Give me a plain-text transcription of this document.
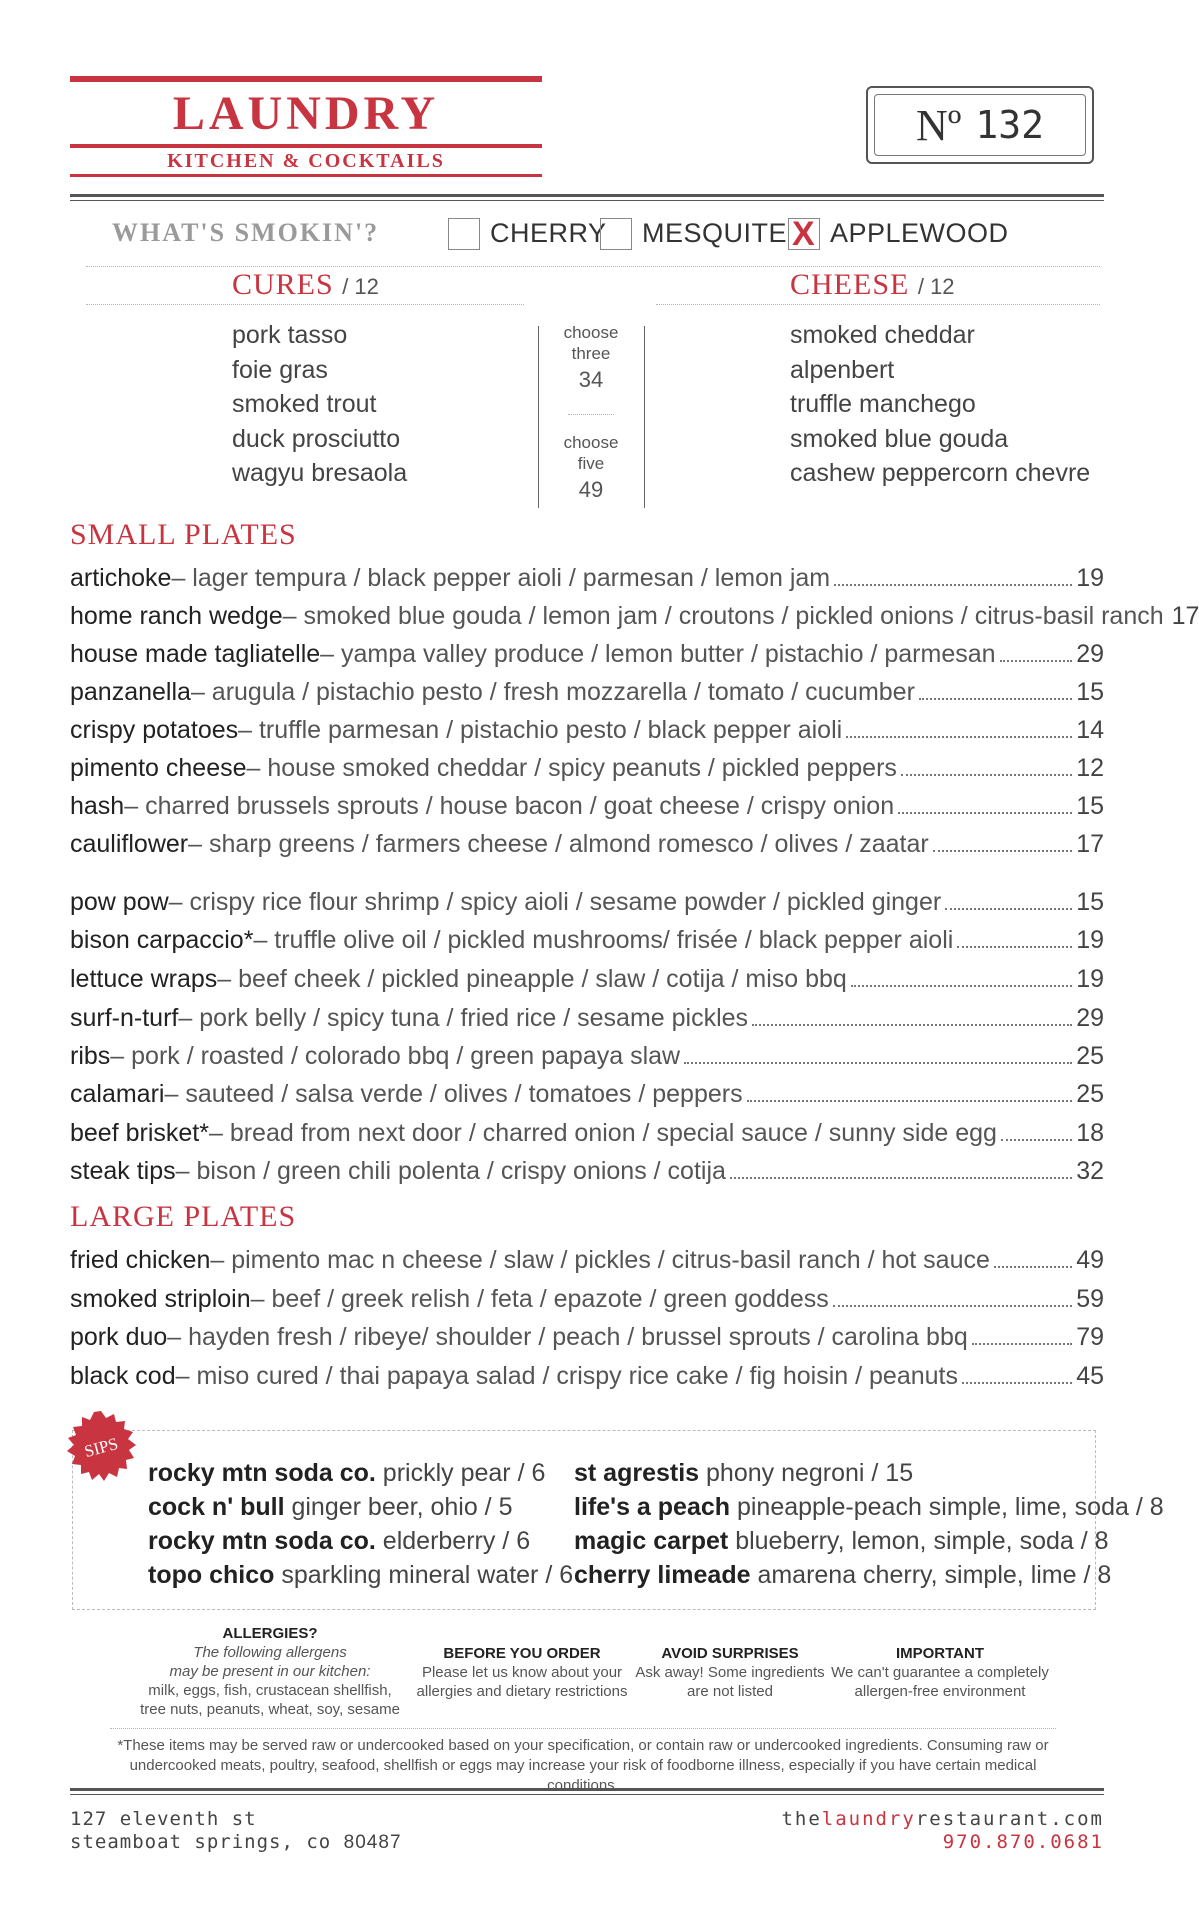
LAUNDRY
KITCHEN & COCKTAILS
Nº 132
WHAT'S SMOKIN'?	CHERRY MESQUITE X APPLEWOOD
CURES / 12	CHEESE / 12
pork tasso
foie gras
smoked trout
duck prosciutto
wagyu bresaola
choose
three
34
choose
five
49
smoked cheddar
alpenbert
truffle manchego
smoked blue gouda
cashew peppercorn chevre
SMALL PLATES
artichoke – lager tempura / black pepper aioli / parmesan / lemon jam	19
home ranch wedge – smoked blue gouda / lemon jam / croutons / pickled onions / citrus-basil ranch 17
house made tagliatelle – yampa valley produce / lemon butter / pistachio / parmesan	29
panzanella – arugula / pistachio pesto / fresh mozzarella / tomato / cucumber	15
crispy potatoes – truffle parmesan / pistachio pesto / black pepper aioli	14
pimento cheese – house smoked cheddar / spicy peanuts / pickled peppers	12
hash – charred brussels sprouts / house bacon / goat cheese / crispy onion	15
cauliflower – sharp greens / farmers cheese / almond romesco / olives / zaatar	17
pow pow – crispy rice flour shrimp / spicy aioli / sesame powder / pickled ginger	15
bison carpaccio* – truffle olive oil / pickled mushrooms/ frisée / black pepper aioli	19
lettuce wraps – beef cheek / pickled pineapple / slaw / cotija / miso bbq	19
surf-n-turf – pork belly / spicy tuna / fried rice / sesame pickles	29
ribs – pork / roasted / colorado bbq / green papaya slaw	25
calamari – sauteed / salsa verde / olives / tomatoes / peppers	25
beef brisket* – bread from next door / charred onion / special sauce / sunny side egg	18
steak tips – bison / green chili polenta / crispy onions / cotija	32
LARGE PLATES
fried chicken – pimento mac n cheese / slaw / pickles / citrus-basil ranch / hot sauce	49
smoked striploin – beef / greek relish / feta / epazote / green goddess	59
pork duo – hayden fresh / ribeye/ shoulder / peach / brussel sprouts / carolina bbq	79
black cod – miso cured / thai papaya salad / crispy rice cake / fig hoisin / peanuts	45
SIPS
rocky mtn soda co. prickly pear / 6
cock n' bull ginger beer, ohio / 5
rocky mtn soda co. elderberry / 6
topo chico sparkling mineral water / 6
st agrestis phony negroni / 15
life's a peach pineapple-peach simple, lime, soda / 8
magic carpet blueberry, lemon, simple, soda / 8
cherry limeade amarena cherry, simple, lime / 8
ALLERGIES?
The following allergens
may be present in our kitchen:
milk, eggs, fish, crustacean shellfish,
tree nuts, peanuts, wheat, soy, sesame
BEFORE YOU ORDER
Please let us know about your
allergies and dietary restrictions
AVOID SURPRISES
Ask away! Some ingredients
are not listed
IMPORTANT
We can't guarantee a completely
allergen-free environment
*These items may be served raw or undercooked based on your specification, or contain raw or undercooked ingredients. Consuming raw or
undercooked meats, poultry, seafood, shellfish or eggs may increase your risk of foodborne illness, especially if you have certain medical conditions.
127 eleventh st
steamboat springs, co 80487
thelaundryrestaurant.com
970.870.0681
